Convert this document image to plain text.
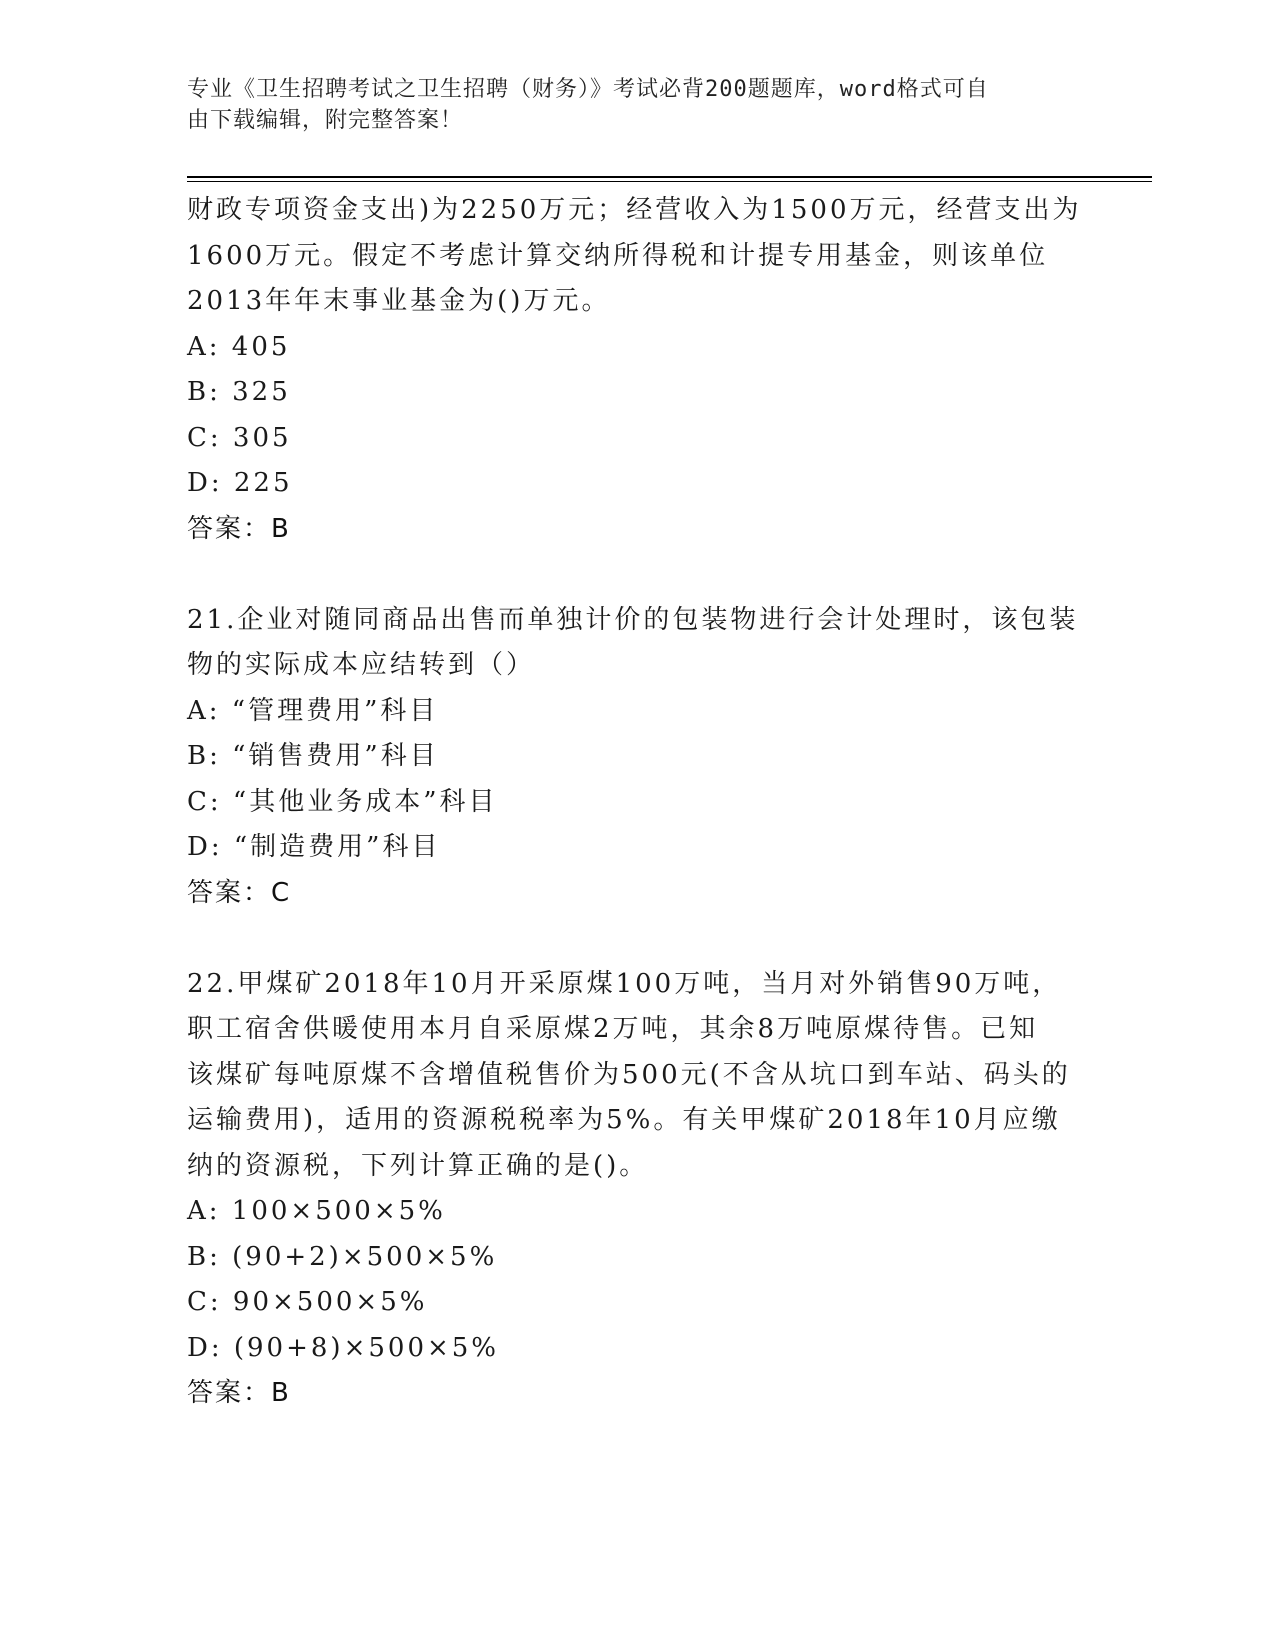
专业《卫生招聘考试之卫生招聘（财务）》考试必背200题题库，word格式可自
由下载编辑，附完整答案！
财政专项资金支出)为2250万元；经营收入为1500万元，经营支出为
1600万元。假定不考虑计算交纳所得税和计提专用基金，则该单位
2013年年末事业基金为()万元。
A: 405
B: 325
C: 305
D: 225
答案：B
21.企业对随同商品出售而单独计价的包装物进行会计处理时，该包装
物的实际成本应结转到（）
A: “管理费用”科目
B: “销售费用”科目
C: “其他业务成本”科目
D: “制造费用”科目
答案：C
22.甲煤矿2018年10月开采原煤100万吨，当月对外销售90万吨，
职工宿舍供暖使用本月自采原煤2万吨，其余8万吨原煤待售。已知
该煤矿每吨原煤不含增值税售价为500元(不含从坑口到车站、码头的
运输费用)，适用的资源税税率为5%。有关甲煤矿2018年10月应缴
纳的资源税，下列计算正确的是()。
A: 100×500×5%
B: (90+2)×500×5%
C: 90×500×5%
D: (90+8)×500×5%
答案：B
